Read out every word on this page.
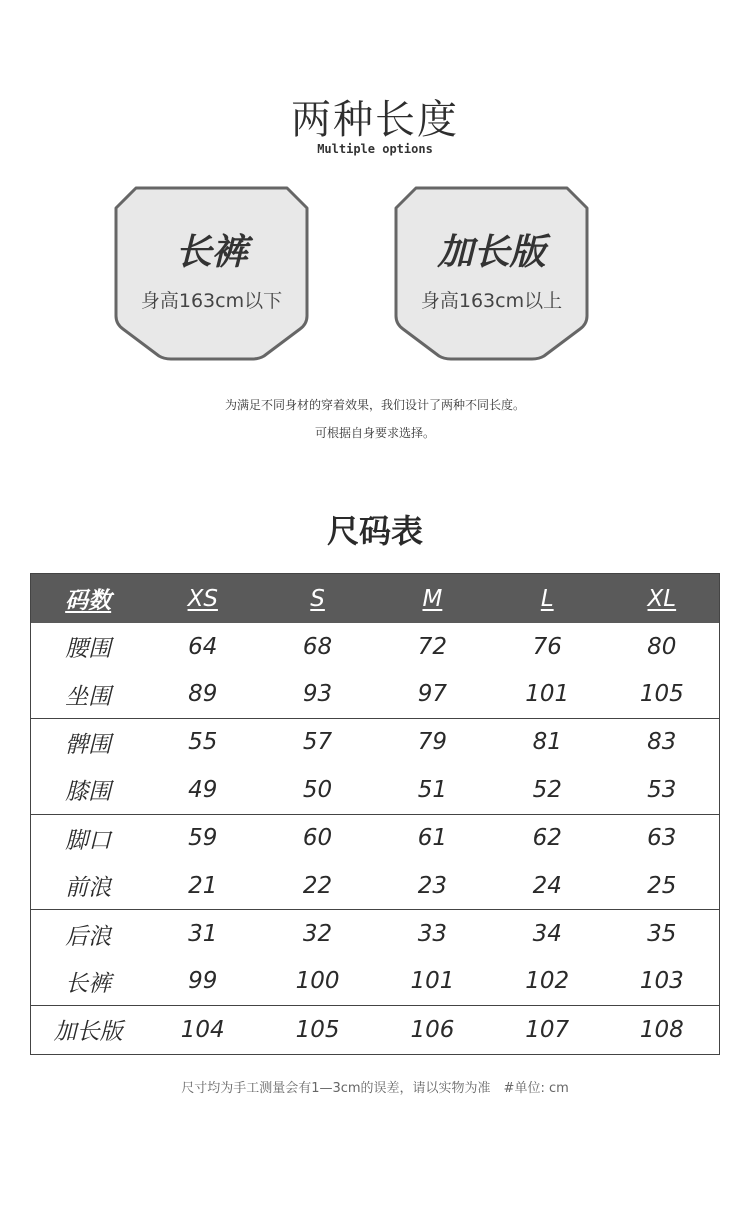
两种长度
Multiple options
长裤
身高163cm以下
加长版
身高163cm以上
为满足不同身材的穿着效果，我们设计了两种不同长度。
可根据自身要求选择。
尺码表
码数	XS	S	M	L	XL
腰围	64	68	72	76	80
坐围	89	93	97	101	105
髀围	55	57	79	81	83
膝围	49	50	51	52	53
脚口	59	60	61	62	63
前浪	21	22	23	24	25
后浪	31	32	33	34	35
长裤	99	100	101	102	103
加长版	104	105	106	107	108
尺寸均为手工测量会有1—3cm的误差，请以实物为准　#单位: cm
